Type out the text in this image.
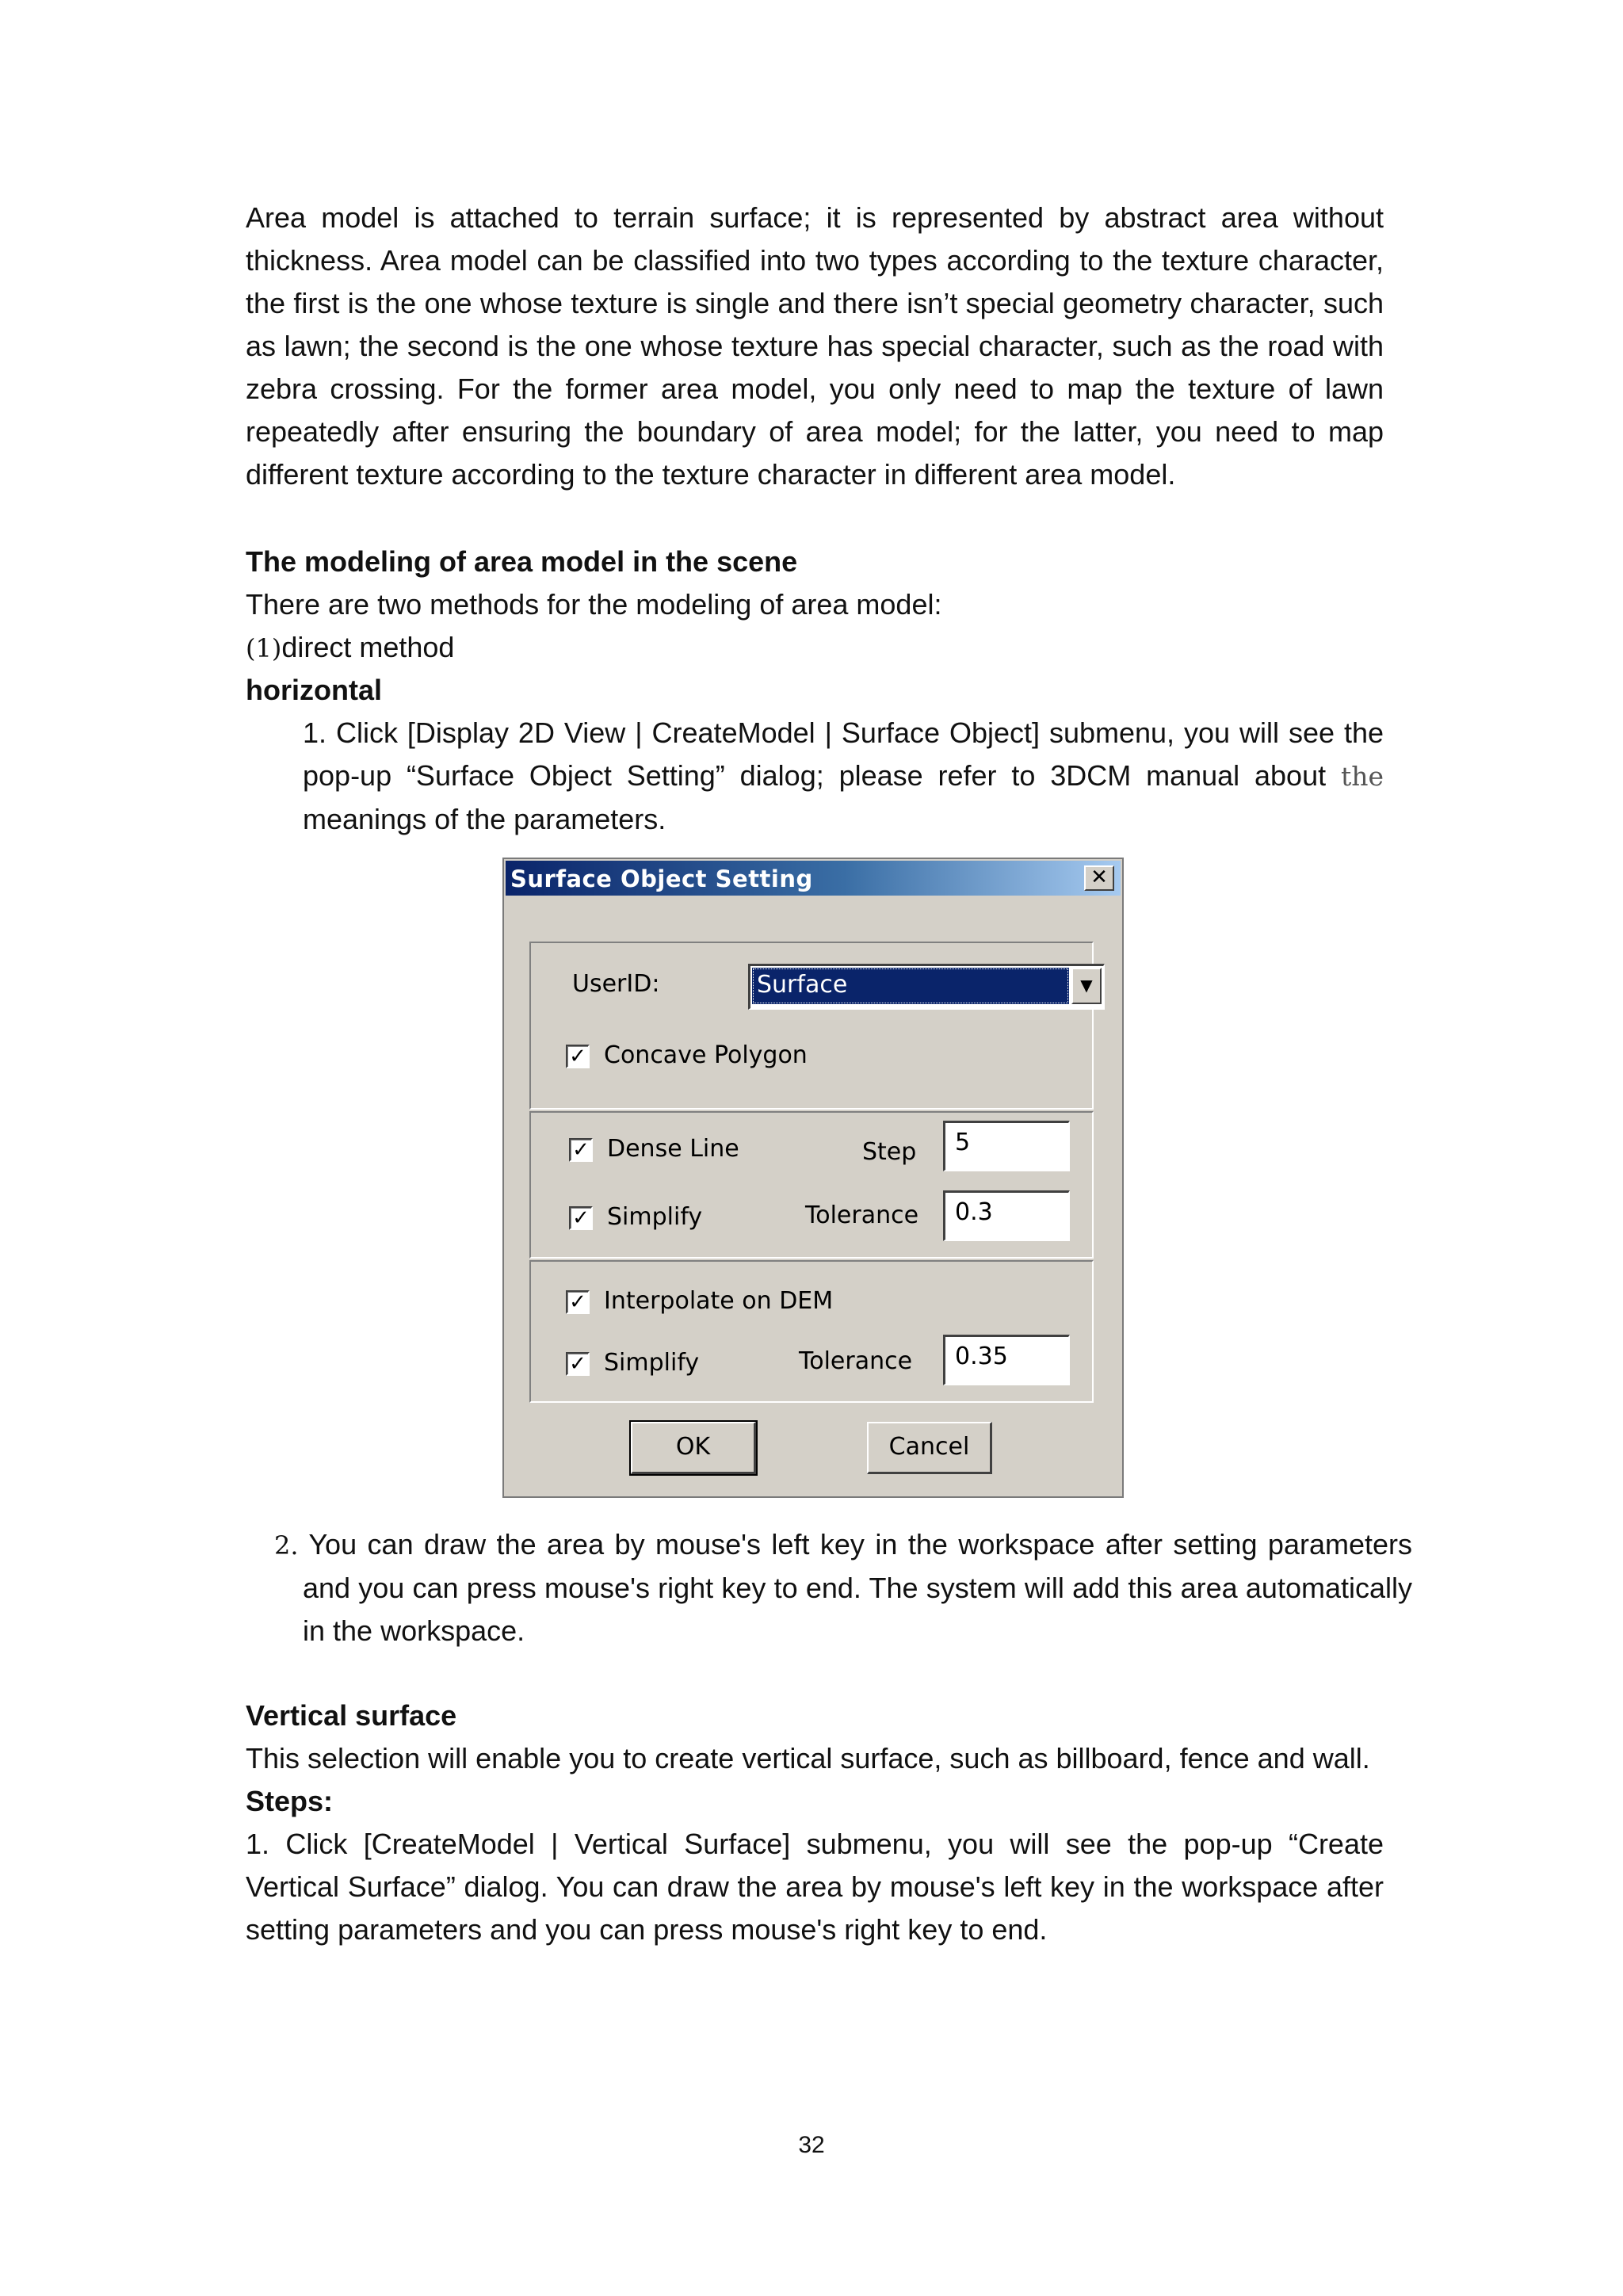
Area model is attached to terrain surface; it is represented by abstract area without thickness. Area model can be classified into two types according to the texture character, the first is the one whose texture is single and there isn’t special geometry character, such as lawn; the second is the one whose texture has special character, such as the road with zebra crossing. For the former area model, you only need to map the texture of lawn repeatedly after ensuring the boundary of area model; for the latter, you need to map different texture according to the texture character in different area model.

The modeling of area model in the scene
There are two methods for the modeling of area model:
(1)direct method
horizontal

1. Click [Display 2D View | CreateModel | Surface Object] submenu, you will see the pop-up “Surface Object Setting” dialog; please refer to 3DCM manual about the meanings of the parameters.

Surface Object Setting	✕
UserID:	Surface	▼
✓ Concave Polygon
✓ Dense Line	Step	5
✓ Simplify	Tolerance	0.3
✓ Interpolate on DEM
✓ Simplify	Tolerance	0.35
OK	Cancel

2. You can draw the area by mouse's left key in the workspace after setting parameters and you can press mouse's right key to end. The system will add this area automatically in the workspace.

Vertical surface
This selection will enable you to create vertical surface, such as billboard, fence and wall.
Steps:

1. Click [CreateModel | Vertical Surface] submenu, you will see the pop-up “Create Vertical Surface” dialog. You can draw the area by mouse's left key in the workspace after setting parameters and you can press mouse's right key to end.

32
